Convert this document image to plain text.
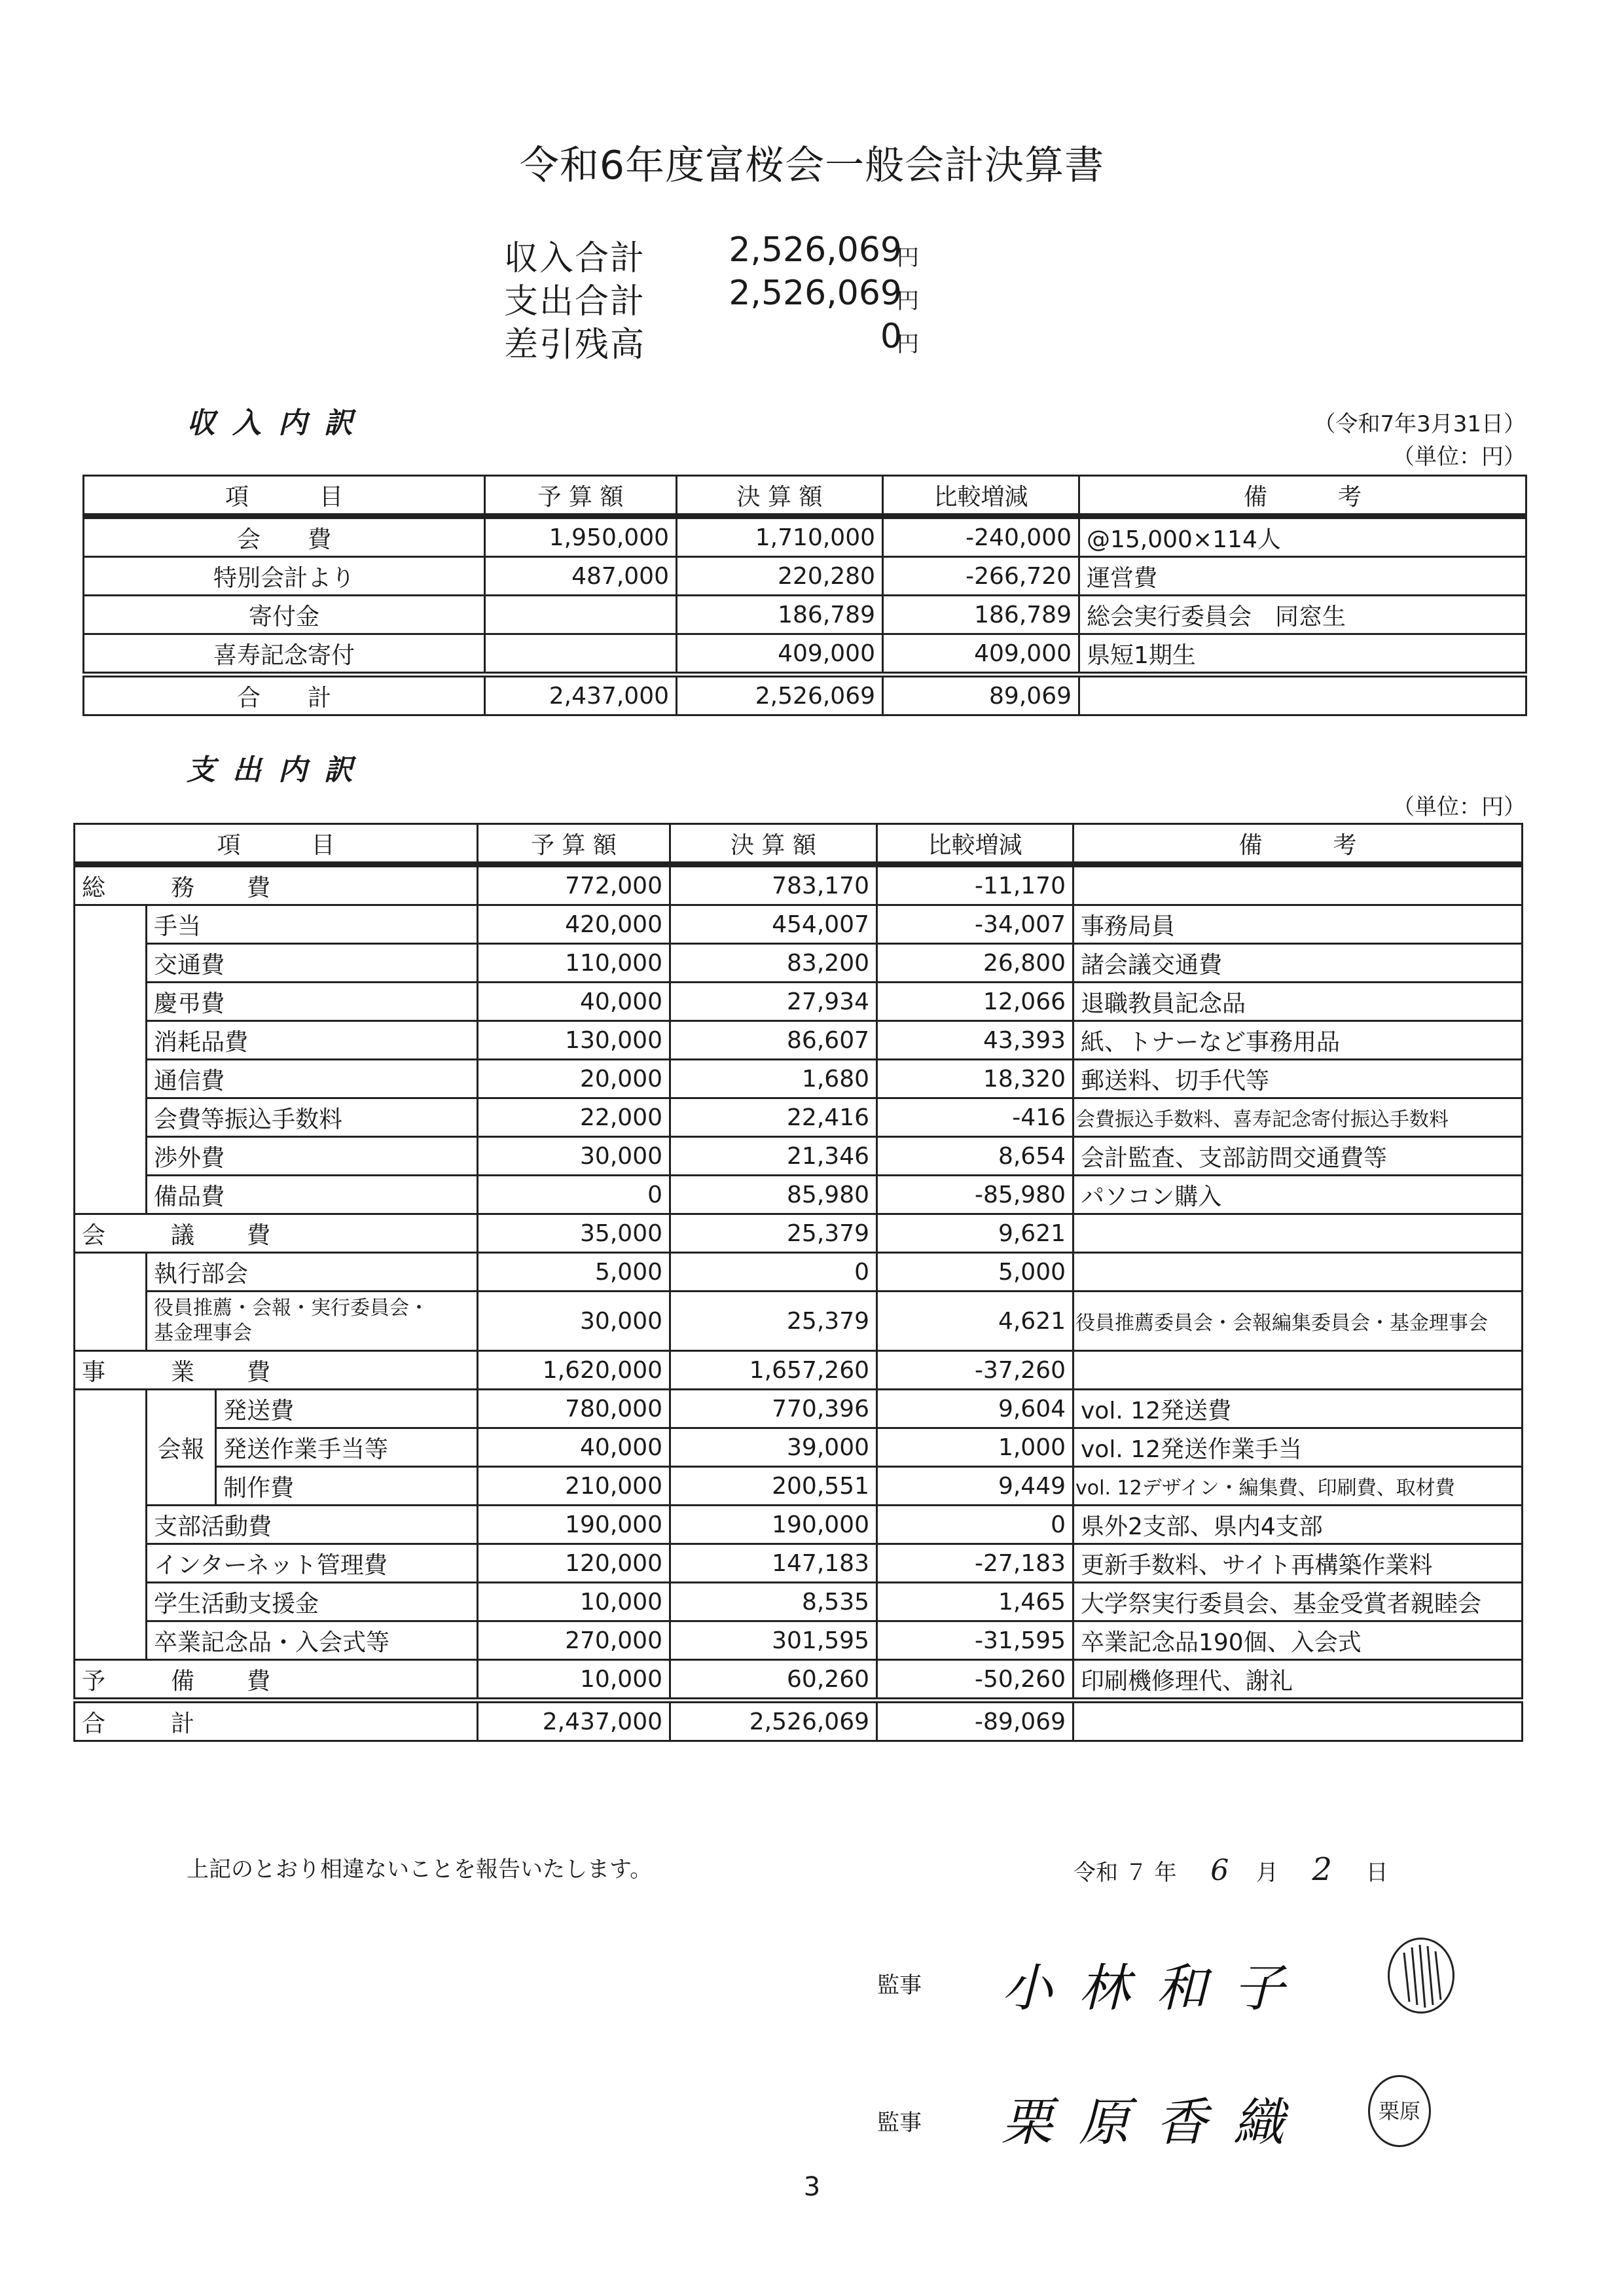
令和6年度富桜会一般会計決算書
収入合計 2,526,069
円
支出合計 2,526,069
円
差引残高	0
円
収入内訳	（令和7年3月31日）
（単位：円）
項　　　目	予 算 額	決 算 額	比較増減	備　　　考
会　　費	1,950,000	1,710,000	-240,000	@15,000×114人
特別会計より	487,000	220,280	-266,720	運営費
寄付金		186,789	186,789	総会実行委員会　同窓生
喜寿記念寄付		409,000	409,000	県短1期生
合　　計	2,437,000	2,526,069	89,069	
支出内訳
（単位：円）
項　　　目			予 算 額	決 算 額	比較増減	備　　　考
総 務 費			772,000	783,170	-11,170	
	手当		420,000	454,007	-34,007	事務局員
	交通費		110,000	83,200	26,800	諸会議交通費
	慶弔費		40,000	27,934	12,066	退職教員記念品
	消耗品費		130,000	86,607	43,393	紙、トナーなど事務用品
	通信費		20,000	1,680	18,320	郵送料、切手代等
	会費等振込手数料		22,000	22,416	-416	会費振込手数料、喜寿記念寄付振込手数料
	渉外費		30,000	21,346	8,654	会計監査、支部訪問交通費等
	備品費		0	85,980	-85,980	パソコン購入
会 議 費			35,000	25,379	9,621	
	執行部会		5,000	0	5,000	
	役員推薦・会報・実行委員会・
基金理事会		30,000	25,379	4,621	役員推薦委員会・会報編集委員会・基金理事会
事 業 費			1,620,000	1,657,260	-37,260	
	会報	発送費	780,000	770,396	9,604	vol. 12発送費
		発送作業手当等	40,000	39,000	1,000	vol. 12発送作業手当
		制作費	210,000	200,551	9,449	vol. 12デザイン・編集費、印刷費、取材費
	支部活動費		190,000	190,000	0	県外2支部、県内4支部
	インターネット管理費		120,000	147,183	-27,183	更新手数料、サイト再構築作業料
	学生活動支援金		10,000	8,535	1,465	大学祭実行委員会、基金受賞者親睦会
	卒業記念品・入会式等		270,000	301,595	-31,595	卒業記念品190個、入会式
予 備 費			10,000	60,260	-50,260	印刷機修理代、謝礼
合 計			2,437,000	2,526,069	-89,069	
上記のとおり相違ないことを報告いたします。	令和 ７ 年 6 月 2 日
監事 小林和子
監事 栗原香織	栗原
3
